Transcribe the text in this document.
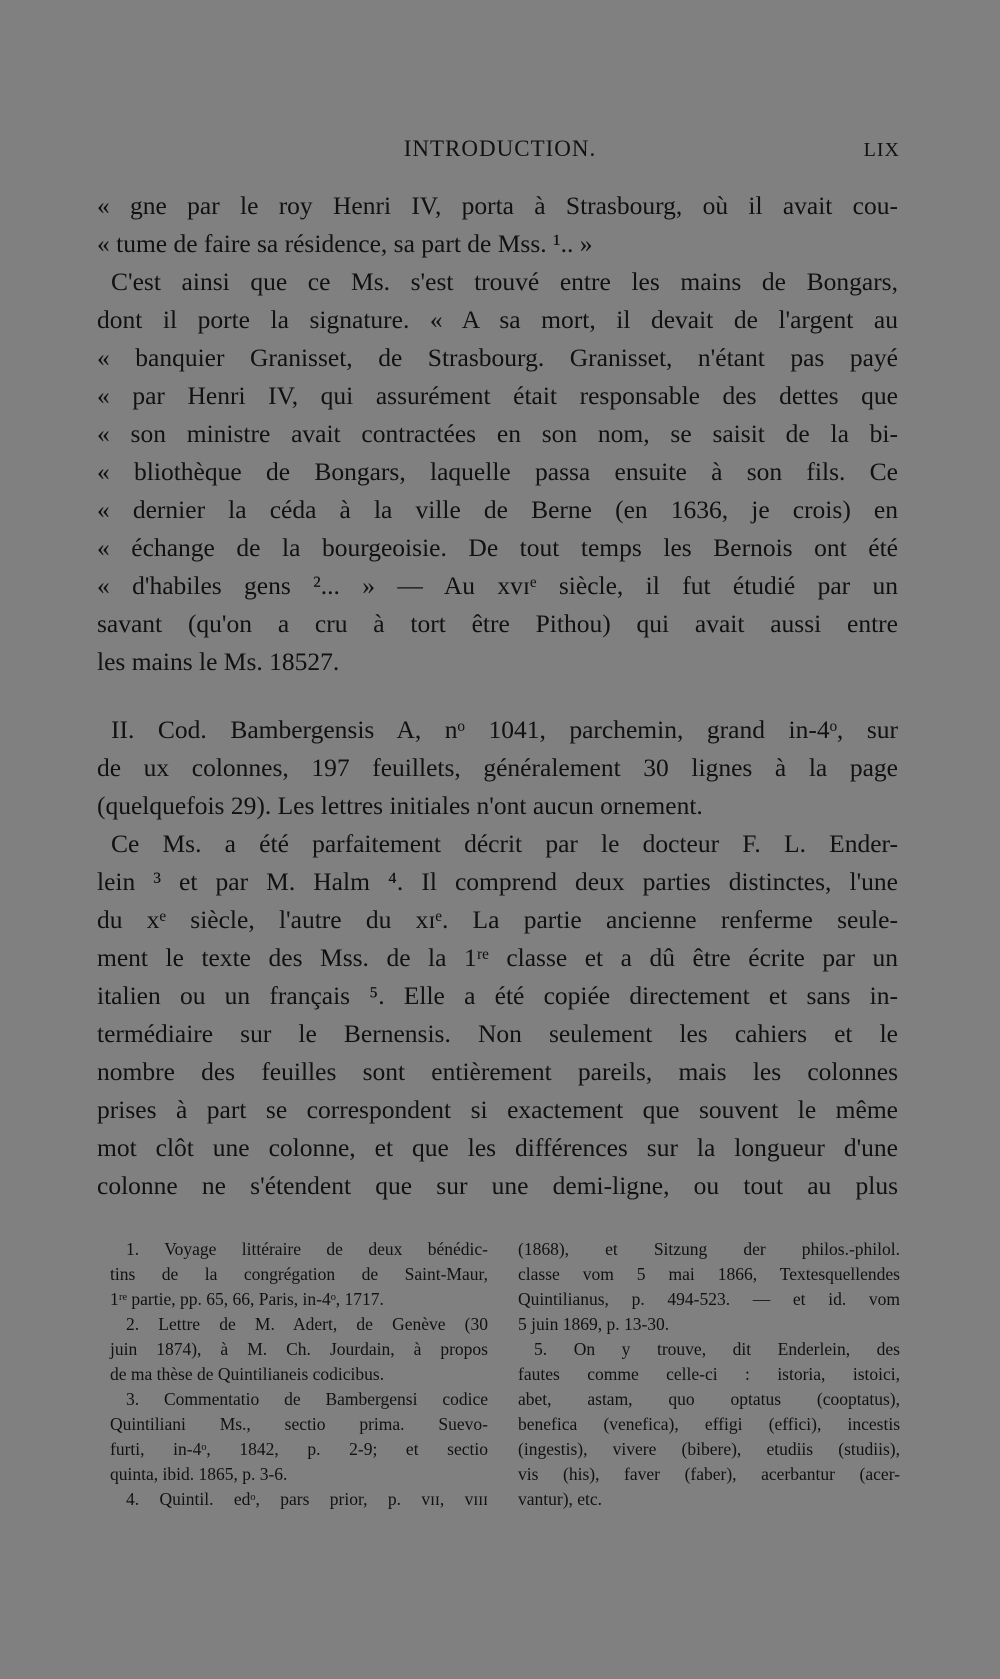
INTRODUCTION.	LIX
« gne par le roy Henri IV, porta à Strasbourg, où il avait cou-
« tume de faire sa résidence, sa part de Mss. ¹.. »
C'est ainsi que ce Ms. s'est trouvé entre les mains de Bongars,
dont il porte la signature. « A sa mort, il devait de l'argent au
« banquier Granisset, de Strasbourg. Granisset, n'étant pas payé
« par Henri IV, qui assurément était responsable des dettes que
« son ministre avait contractées en son nom, se saisit de la bi-
« bliothèque de Bongars, laquelle passa ensuite à son fils. Ce
« dernier la céda à la ville de Berne (en 1636, je crois) en
« échange de la bourgeoisie. De tout temps les Bernois ont été
« d'habiles gens ²... » — Au xvɪᵉ siècle, il fut étudié par un
savant (qu'on a cru à tort être Pithou) qui avait aussi entre
les mains le Ms. 18527.
II. Cod. Bambergensis A, nᵒ 1041, parchemin, grand in-4ᵒ, sur
de ux colonnes, 197 feuillets, généralement 30 lignes à la page
(quelquefois 29). Les lettres initiales n'ont aucun ornement.
Ce Ms. a été parfaitement décrit par le docteur F. L. Ender-
lein ³ et par M. Halm ⁴. Il comprend deux parties distinctes, l'une
du xᵉ siècle, l'autre du xɪᵉ. La partie ancienne renferme seule-
ment le texte des Mss. de la 1ʳᵉ classe et a dû être écrite par un
italien ou un français ⁵. Elle a été copiée directement et sans in-
termédiaire sur le Bernensis. Non seulement les cahiers et le
nombre des feuilles sont entièrement pareils, mais les colonnes
prises à part se correspondent si exactement que souvent le même
mot clôt une colonne, et que les différences sur la longueur d'une
colonne ne s'étendent que sur une demi-ligne, ou tout au plus
1. Voyage littéraire de deux bénédic-
tins de la congrégation de Saint-Maur,
1ʳᵉ partie, pp. 65, 66, Paris, in-4ᵒ, 1717.
2. Lettre de M. Adert, de Genève (30
juin 1874), à M. Ch. Jourdain, à propos
de ma thèse de Quintilianeis codicibus.
3. Commentatio de Bambergensi codice
Quintiliani Ms., sectio prima. Suevo-
furti, in-4ᵒ, 1842, p. 2-9; et sectio
quinta, ibid. 1865, p. 3-6.
4. Quintil. edᵒ, pars prior, p. vɪɪ, vɪɪɪ
(1868), et Sitzung der philos.-philol.
classe vom 5 mai 1866, Textesquellendes
Quintilianus, p. 494-523. — et id. vom
5 juin 1869, p. 13-30.
5. On y trouve, dit Enderlein, des
fautes comme celle-ci : istoria, istoici,
abet, astam, quo optatus (cooptatus),
benefica (venefica), effigi (effici), incestis
(ingestis), vivere (bibere), etudiis (studiis),
vis (his), faver (faber), acerbantur (acer-
vantur), etc.
